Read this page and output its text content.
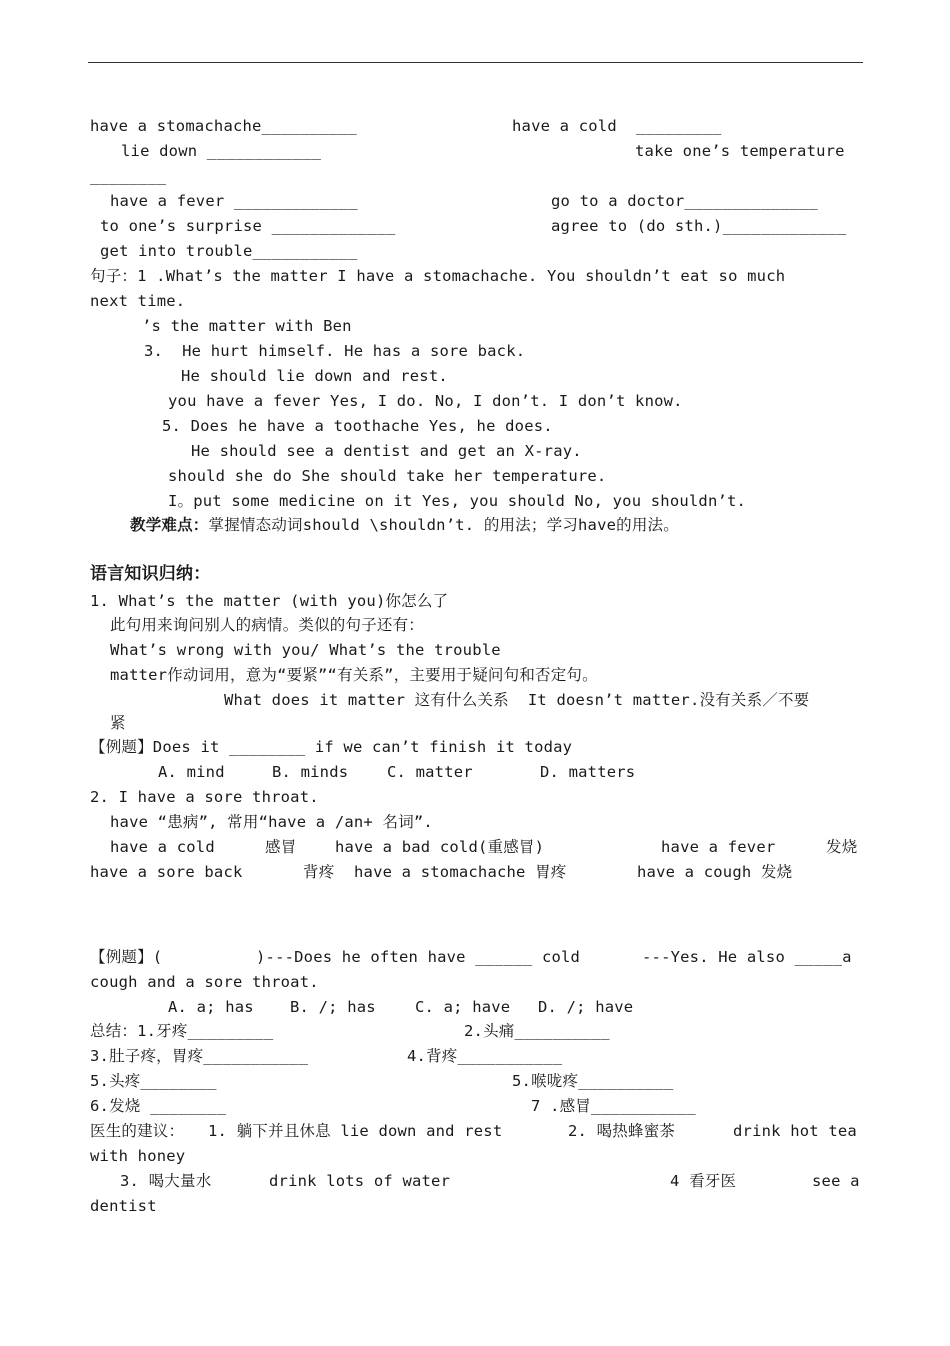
have a stomachache__________	have a cold  _________
lie down ____________	take one’s temperature
________
have a fever _____________	go to a doctor______________
to one’s surprise _____________	agree to (do sth.)_____________
get into trouble___________
句子：1 .What’s the matter I have a stomachache. You shouldn’t eat so much
next time.
’s the matter with Ben
3.  He hurt himself. He has a sore back.
He should lie down and rest.
you have a fever Yes, I do. No, I don’t. I don’t know.
5. Does he have a toothache Yes, he does.
He should see a dentist and get an X-ray.
should she do She should take her temperature.
I。put some medicine on it Yes, you should No, you shouldn’t.
教学难点：掌握情态动词should \shouldn’t. 的用法；学习have的用法。
语言知识归纳：
1. What’s the matter (with you)你怎么了
此句用来询问别人的病情。类似的句子还有：
What’s wrong with you/ What’s the trouble
matter作动词用，意为“要紧”“有关系”，主要用于疑问句和否定句。
What does it matter 这有什么关系  It doesn’t matter.没有关系／不要
紧
【例题】Does it ________ if we can’t finish it today
A. mind	B. minds C. matter	D. matters
2. I have a sore throat.
have “患病”, 常用“have a /an+ 名词”.
have a cold	感冒 have a bad cold(重感冒)	have a fever	发烧
have a sore back	背疼 have a stomachache 胃疼	have a cough 发烧
【例题】(	)---Does he often have ______ cold	---Yes. He also _____a
cough and a sore throat.
A. a; has B. /; has	C. a; have D. /; have
总结：1.牙疼_________	2.头痛__________
3.肚子疼，胃疼___________	4.背疼___________
5.头疼________	5.喉咙疼__________
6.发烧 ________	7 .感冒___________
医生的建议： 1. 躺下并且休息 lie down and rest	2. 喝热蜂蜜茶	drink hot tea
with honey
3. 喝大量水	drink lots of water	4 看牙医	see a
dentist
